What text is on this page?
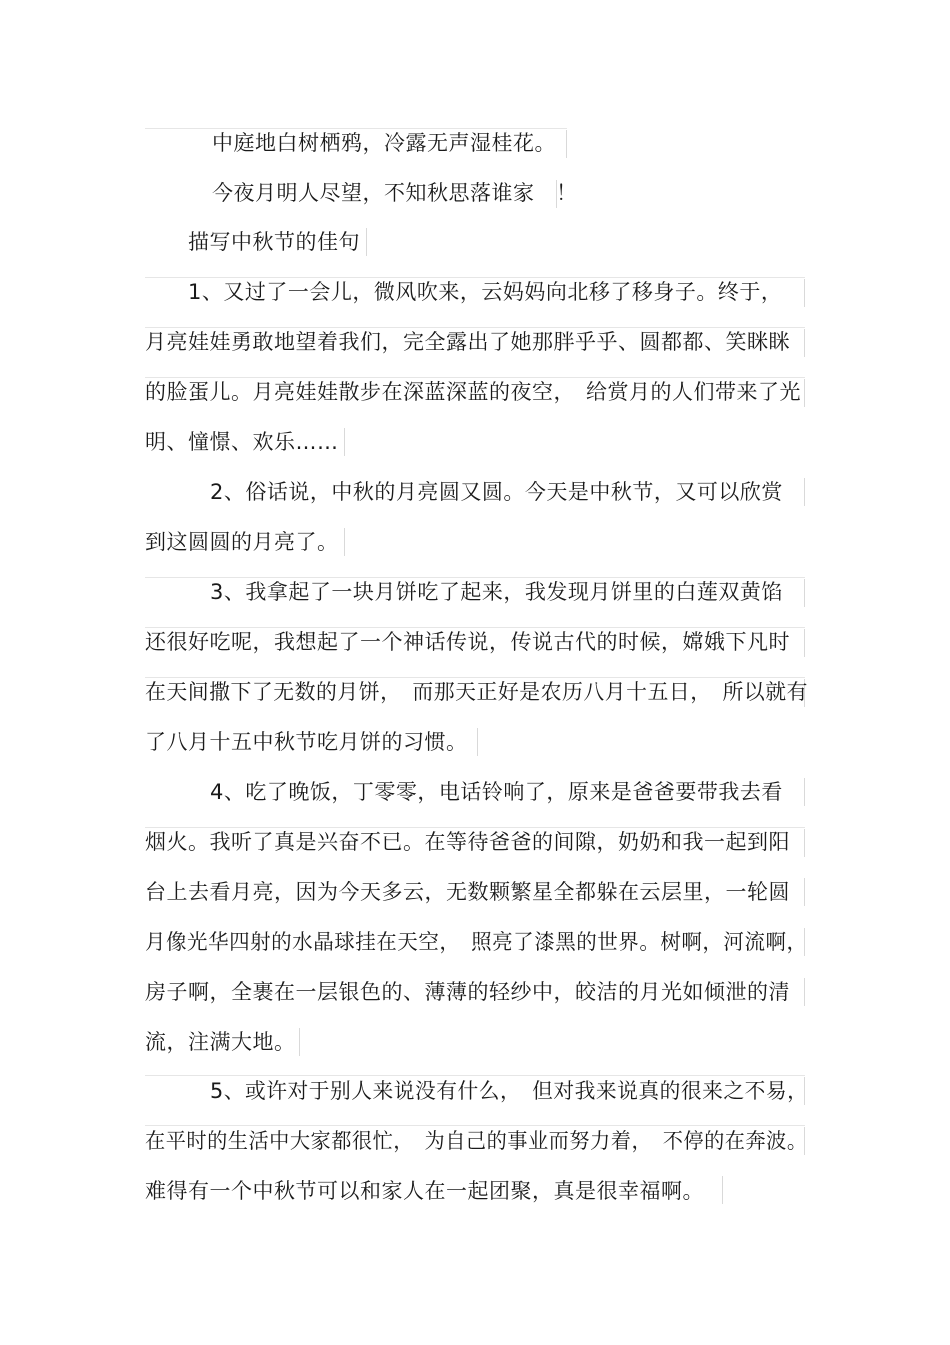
中庭地白树栖鸦，冷露无声湿桂花。
今夜月明人尽望，不知秋思落谁家　！
描写中秋节的佳句
1、又过了一会儿，微风吹来，云妈妈向北移了移身子。终于，
月亮娃娃勇敢地望着我们，完全露出了她那胖乎乎、圆都都、笑眯眯
的脸蛋儿。月亮娃娃散步在深蓝深蓝的夜空，　给赏月的人们带来了光
明、憧憬、欢乐……
2、俗话说，中秋的月亮圆又圆。今天是中秋节，又可以欣赏
到这圆圆的月亮了。
3、我拿起了一块月饼吃了起来，我发现月饼里的白莲双黄馅
还很好吃呢，我想起了一个神话传说，传说古代的时候，嫦娥下凡时
在天间撒下了无数的月饼，　而那天正好是农历八月十五日，　所以就有
了八月十五中秋节吃月饼的习惯。
4、吃了晚饭，丁零零，电话铃响了，原来是爸爸要带我去看
烟火。我听了真是兴奋不已。在等待爸爸的间隙，奶奶和我一起到阳
台上去看月亮，因为今天多云，无数颗繁星全都躲在云层里，一轮圆
月像光华四射的水晶球挂在天空，　照亮了漆黑的世界。树啊，河流啊，
房子啊，全裹在一层银色的、薄薄的轻纱中，皎洁的月光如倾泄的清
流，注满大地。
5、或许对于别人来说没有什么，　但对我来说真的很来之不易，
在平时的生活中大家都很忙，　为自己的事业而努力着，　不停的在奔波。
难得有一个中秋节可以和家人在一起团聚，真是很幸福啊。
